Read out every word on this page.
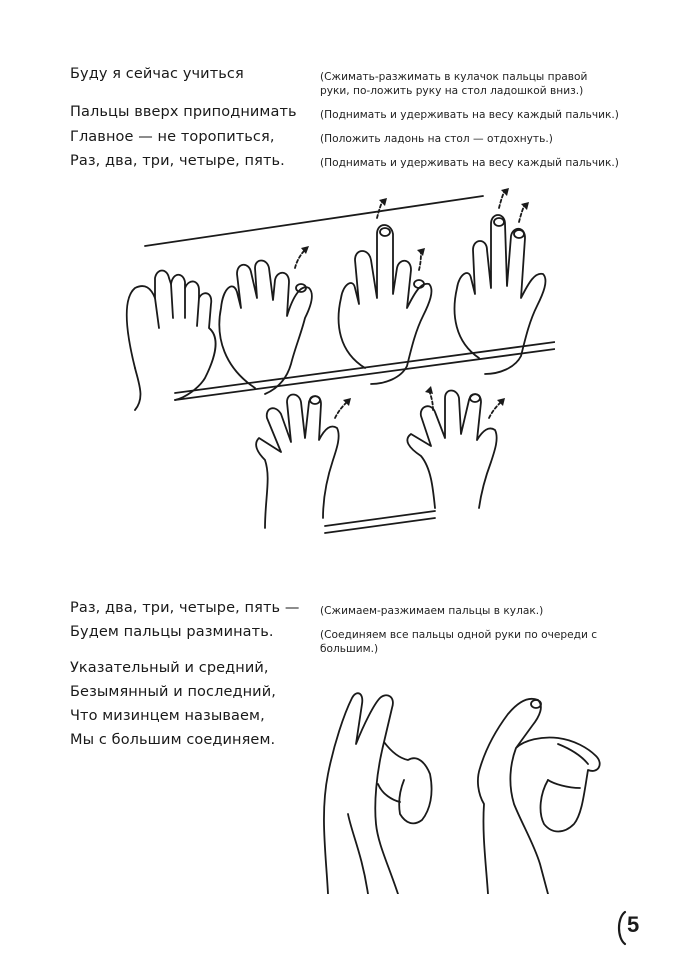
Буду я сейчас учиться
Пальцы вверх приподнимать
Главное — не торопиться,
Раз, два, три, четыре, пять.
(Сжимать-разжимать в кулачок пальцы правой руки, по-ложить руку на стол ладошкой вниз.)
(Поднимать и удерживать на весу каждый пальчик.)
(Положить ладонь на стол — отдохнуть.)
(Поднимать и удерживать на весу каждый пальчик.)
Раз, два, три, четыре, пять —
Будем пальцы разминать.
Указательный и средний,
Безымянный и последний,
Что мизинцем называем,
Мы с большим соединяем.
(Сжимаем-разжимаем пальцы в кулак.)
(Соединяем все пальцы одной руки по очереди с большим.)
5
